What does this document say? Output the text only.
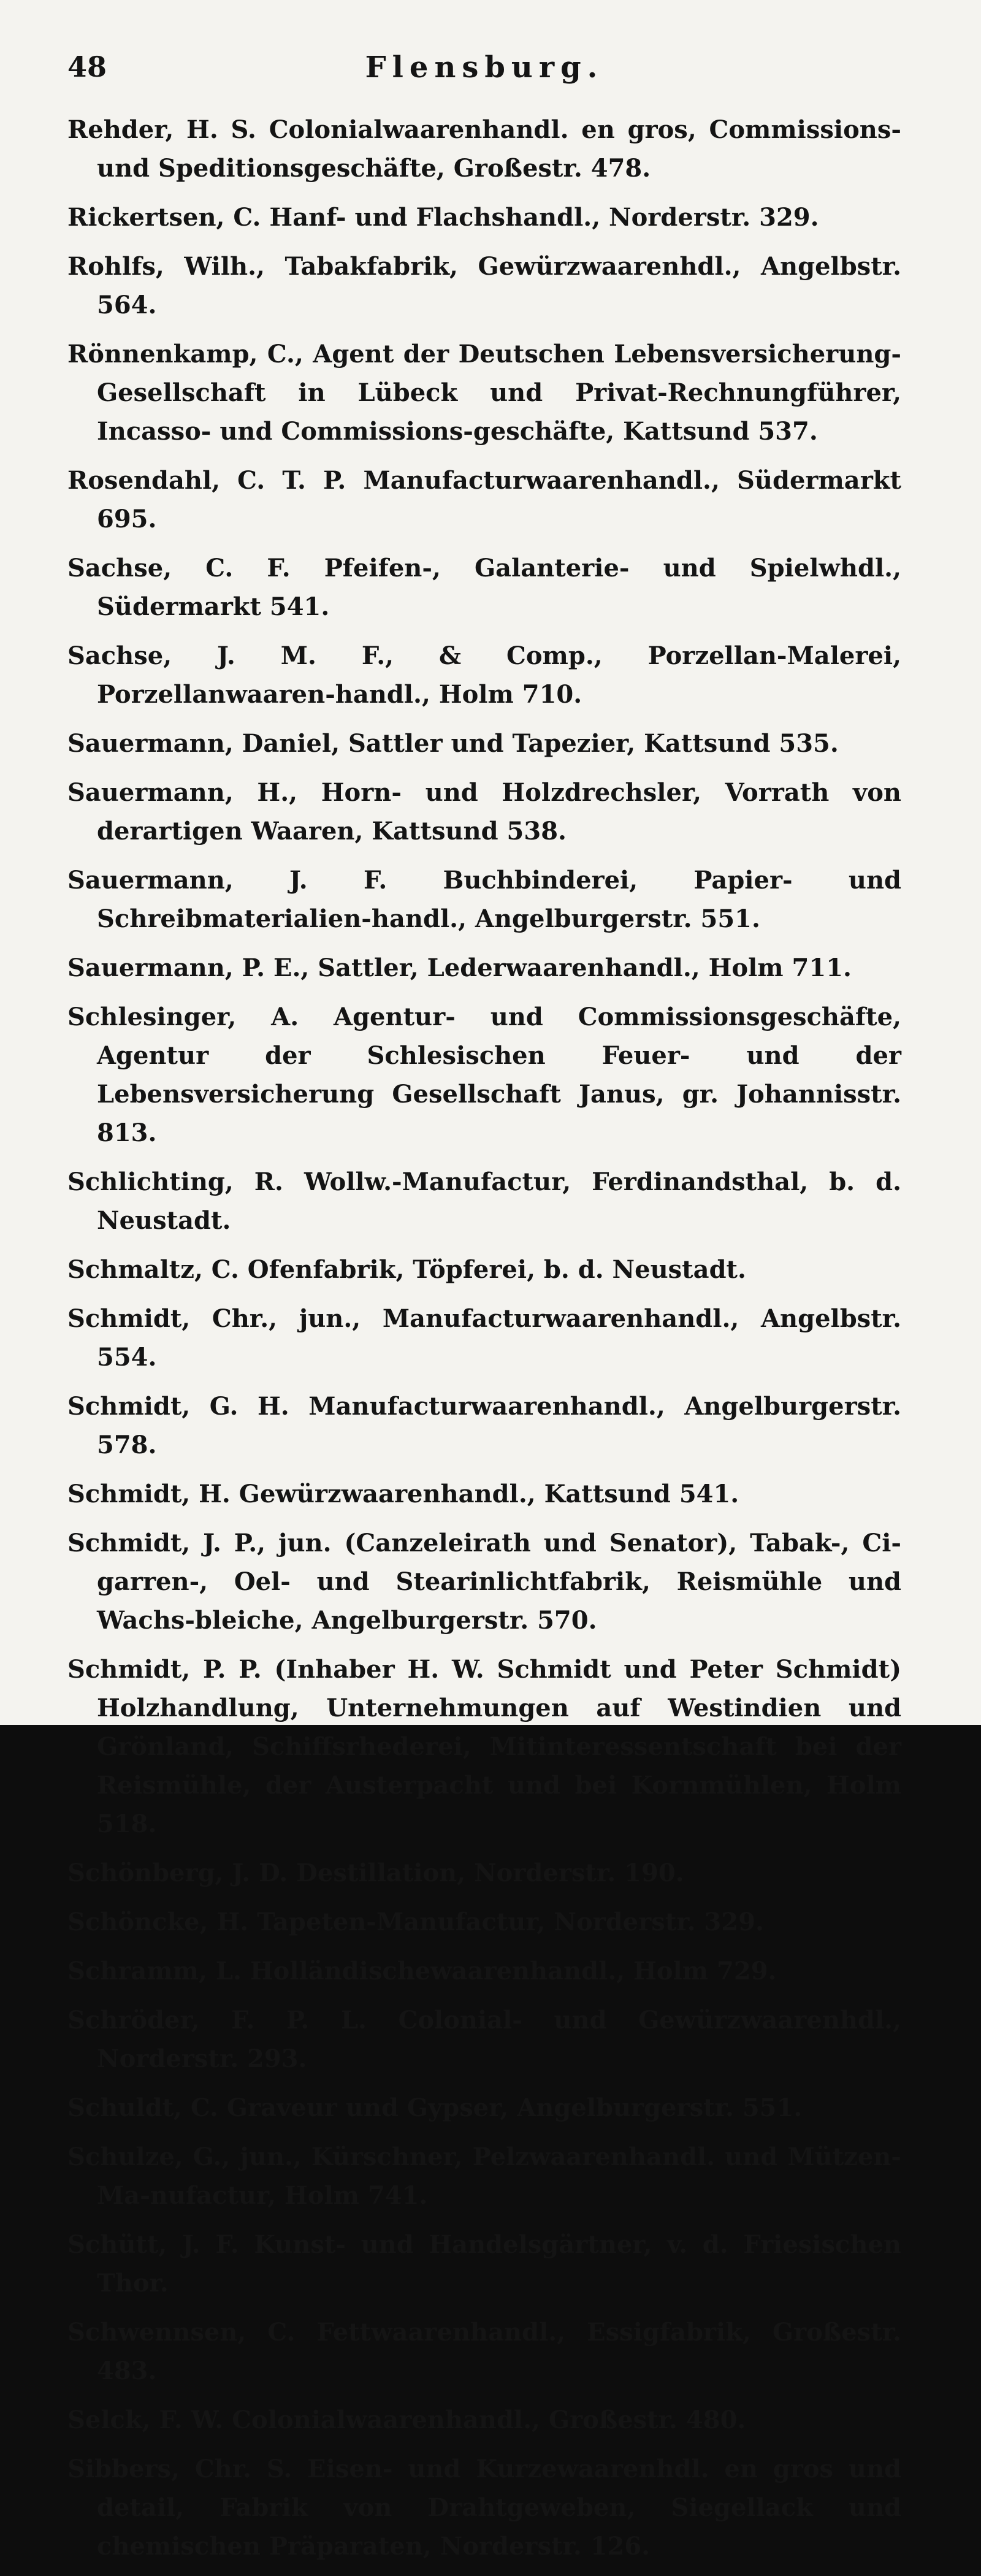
48	Flensburg.

Rehder, H. S. Colonialwaarenhandl. en gros, Commissions- und Speditionsgeschäfte, Großestr. 478.

Rickertsen, C. Hanf- und Flachshandl., Norderstr. 329.

Rohlfs, Wilh., Tabakfabrik, Gewürzwaarenhdl., Angelbstr. 564.

Rönnenkamp, C., Agent der Deutschen Lebensversicherung-Gesellschaft in Lübeck und Privat-Rechnungführer, Incasso- und Commissions-geschäfte, Kattsund 537.

Rosendahl, C. T. P. Manufacturwaarenhandl., Südermarkt 695.

Sachse, C. F. Pfeifen-, Galanterie- und Spielwhdl., Südermarkt 541.

Sachse, J. M. F., & Comp., Porzellan-Malerei, Porzellanwaaren-handl., Holm 710.

Sauermann, Daniel, Sattler und Tapezier, Kattsund 535.

Sauermann, H., Horn- und Holzdrechsler, Vorrath von derartigen Waaren, Kattsund 538.

Sauermann, J. F. Buchbinderei, Papier- und Schreibmaterialien-handl., Angelburgerstr. 551.

Sauermann, P. E., Sattler, Lederwaarenhandl., Holm 711.

Schlesinger, A. Agentur- und Commissionsgeschäfte, Agentur der Schlesischen Feuer- und der Lebensversicherung Gesellschaft Janus, gr. Johannisstr. 813.

Schlichting, R. Wollw.-Manufactur, Ferdinandsthal, b. d. Neustadt.

Schmaltz, C. Ofenfabrik, Töpferei, b. d. Neustadt.

Schmidt, Chr., jun., Manufacturwaarenhandl., Angelbstr. 554.

Schmidt, G. H. Manufacturwaarenhandl., Angelburgerstr. 578.

Schmidt, H. Gewürzwaarenhandl., Kattsund 541.

Schmidt, J. P., jun. (Canzeleirath und Senator), Tabak-, Ci-garren-, Oel- und Stearinlichtfabrik, Reismühle und Wachs-bleiche, Angelburgerstr. 570.

Schmidt, P. P. (Inhaber H. W. Schmidt und Peter Schmidt) Holzhandlung, Unternehmungen auf Westindien und Grönland, Schiffsrhederei, Mitinteressentschaft bei der Reismühle, der Austerpacht und bei Kornmühlen, Holm 518.

Schönberg, J. D. Destillation, Norderstr. 190.

Schöncke, H. Tapeten-Manufactur, Norderstr. 329.

Schramm, L. Holländischewaarenhandl., Holm 729.

Schröder, F. P. L. Colonial- und Gewürzwaarenhdl., Norderstr. 293.

Schuldt, C. Graveur und Gypser, Angelburgerstr. 551.

Schulze, G., jun., Kürschner, Pelzwaarenhandl. und Mützen-Ma-nufactur, Holm 741.

Schütt, J. F. Kunst- und Handelsgärtner, v. d. Friesischen Thor.

Schwennsen, C. Fettwaarenhandl., Essigfabrik, Großestr. 483.

Selck, F. W. Colonialwaarenhandl., Großestr. 480.

Sibbers, Chr. S. Eisen- und Kurzewaarenhdl. en gros und detail, Fabrik von Drahtgeweben, Siegellack und chemischen Präparaten, Norderstr. 126.
